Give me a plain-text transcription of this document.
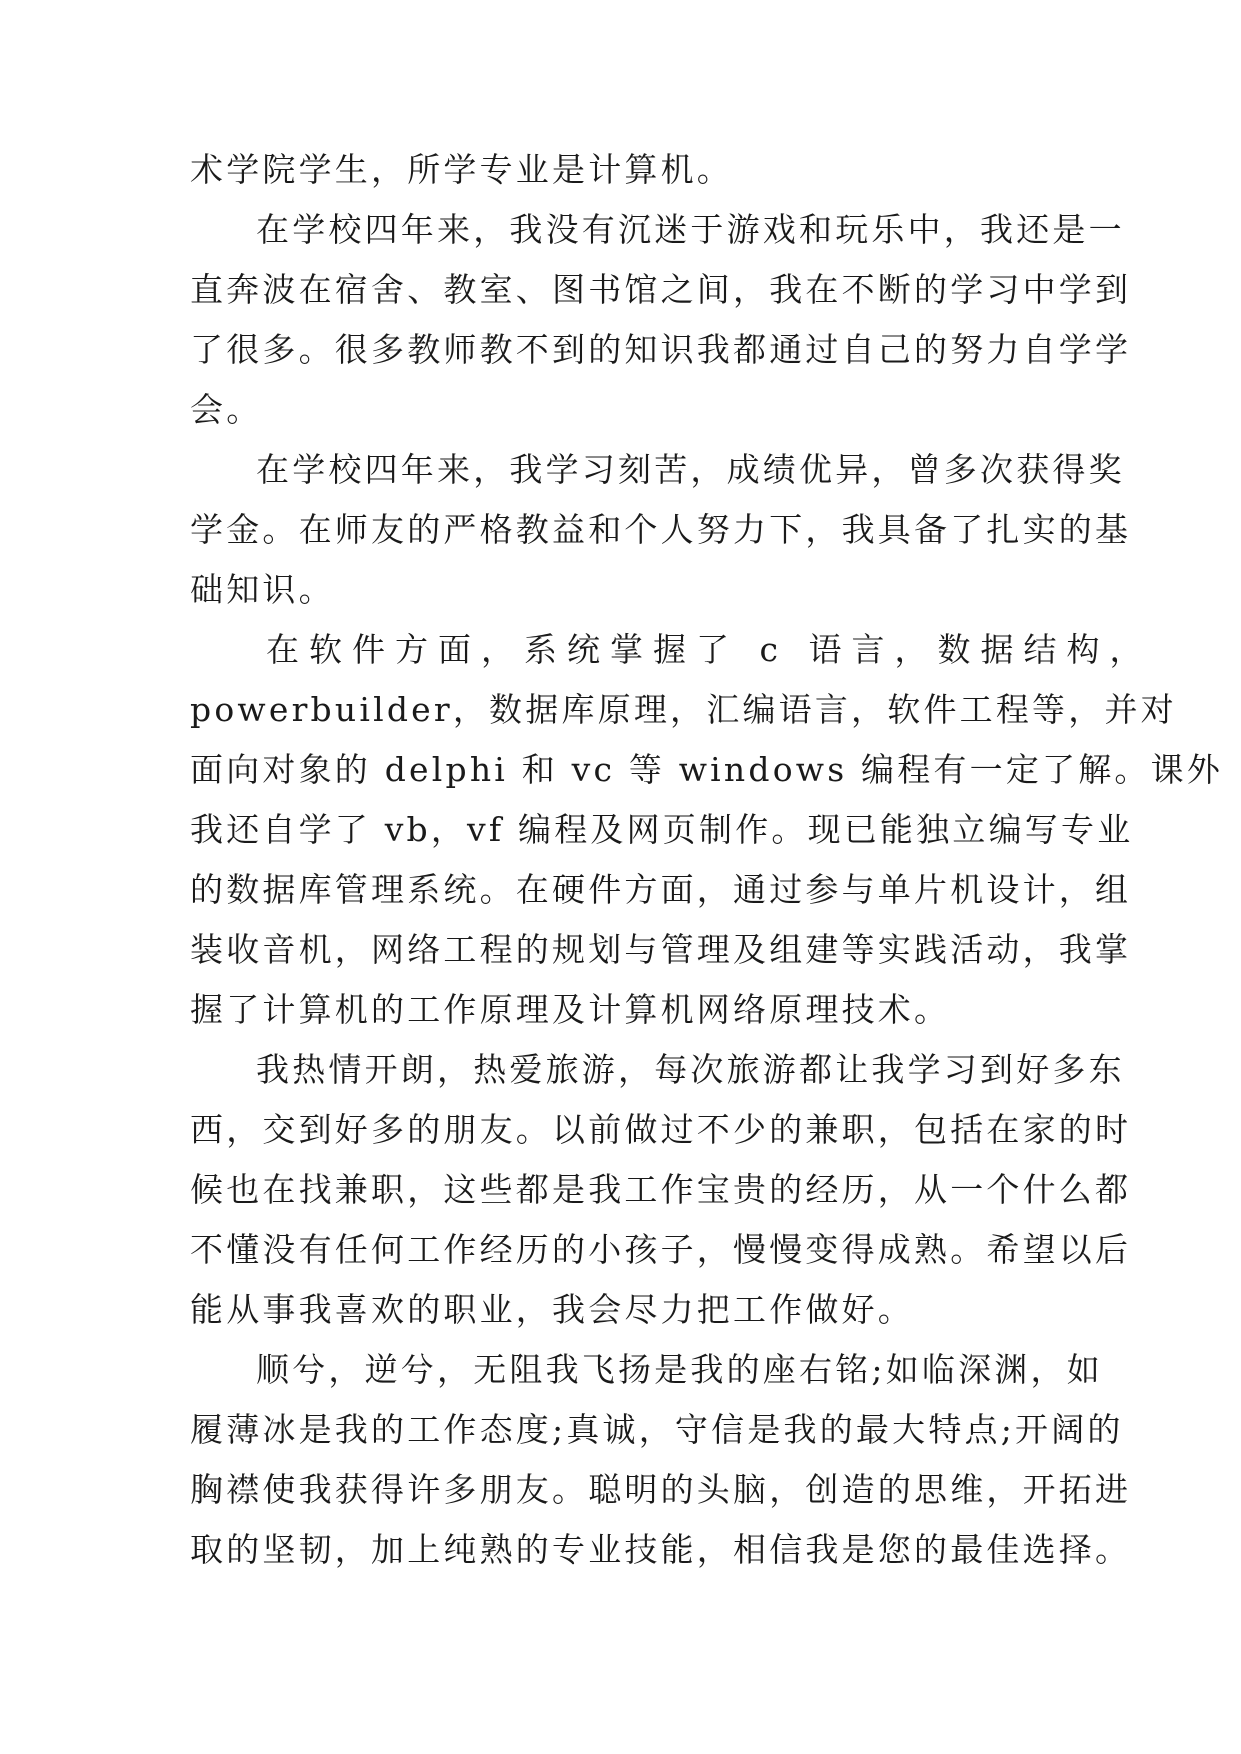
术学院学生，所学专业是计算机。
在学校四年来，我没有沉迷于游戏和玩乐中，我还是一
直奔波在宿舍、教室、图书馆之间，我在不断的学习中学到
了很多。很多教师教不到的知识我都通过自己的努力自学学
会。
在学校四年来，我学习刻苦，成绩优异，曾多次获得奖
学金。在师友的严格教益和个人努力下，我具备了扎实的基
础知识。
在软件方面，系统掌握了 c 语言，数据结构，
powerbuilder，数据库原理，汇编语言，软件工程等，并对
面向对象的 delphi 和 vc 等 windows 编程有一定了解。课外
我还自学了 vb，vf 编程及网页制作。现已能独立编写专业
的数据库管理系统。在硬件方面，通过参与单片机设计，组
装收音机，网络工程的规划与管理及组建等实践活动，我掌
握了计算机的工作原理及计算机网络原理技术。
我热情开朗，热爱旅游，每次旅游都让我学习到好多东
西，交到好多的朋友。以前做过不少的兼职，包括在家的时
候也在找兼职，这些都是我工作宝贵的经历，从一个什么都
不懂没有任何工作经历的小孩子，慢慢变得成熟。希望以后
能从事我喜欢的职业，我会尽力把工作做好。
顺兮，逆兮，无阻我飞扬是我的座右铭;如临深渊，如
履薄冰是我的工作态度;真诚，守信是我的最大特点;开阔的
胸襟使我获得许多朋友。聪明的头脑，创造的思维，开拓进
取的坚韧，加上纯熟的专业技能，相信我是您的最佳选择。
